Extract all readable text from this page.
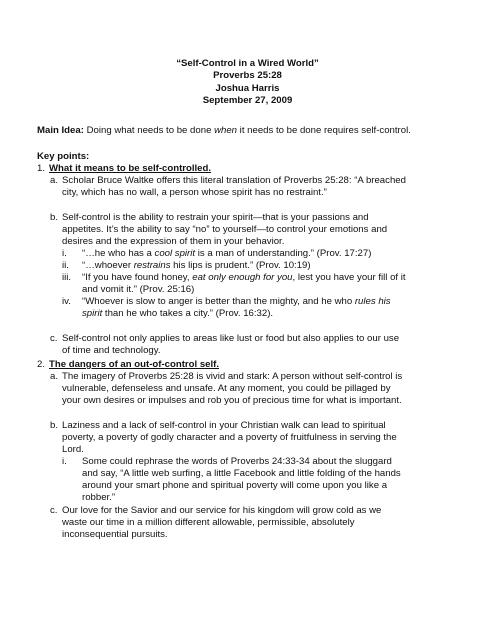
“Self-Control in a Wired World”
Proverbs 25:28
Joshua Harris
September 27, 2009
Main Idea: Doing what needs to be done when it needs to be done requires self-control.
Key points:
1. What it means to be self-controlled.
a. Scholar Bruce Waltke offers this literal translation of Proverbs 25:28: “A breached
city, which has no wall, a person whose spirit has no restraint.”
b. Self-control is the ability to restrain your spirit—that is your passions and
appetites. It’s the ability to say “no” to yourself—to control your emotions and
desires and the expression of them in your behavior.
i. “…he who has a cool spirit is a man of understanding.” (Prov. 17:27)
ii. “…whoever restrains his lips is prudent.” (Prov. 10:19)
iii. “If you have found honey, eat only enough for you, lest you have your fill of it
and vomit it.” (Prov. 25:16)
iv. “Whoever is slow to anger is better than the mighty, and he who rules his
spirit than he who takes a city.” (Prov. 16:32).
c. Self-control not only applies to areas like lust or food but also applies to our use
of time and technology.
2. The dangers of an out-of-control self.
a. The imagery of Proverbs 25:28 is vivid and stark: A person without self-control is
vulnerable, defenseless and unsafe. At any moment, you could be pillaged by
your own desires or impulses and rob you of precious time for what is important.
b. Laziness and a lack of self-control in your Christian walk can lead to spiritual
poverty, a poverty of godly character and a poverty of fruitfulness in serving the
Lord.
i. Some could rephrase the words of Proverbs 24:33-34 about the sluggard
and say, “A little web surfing, a little Facebook and little folding of the hands
around your smart phone and spiritual poverty will come upon you like a
robber.”
c. Our love for the Savior and our service for his kingdom will grow cold as we
waste our time in a million different allowable, permissible, absolutely
inconsequential pursuits.
